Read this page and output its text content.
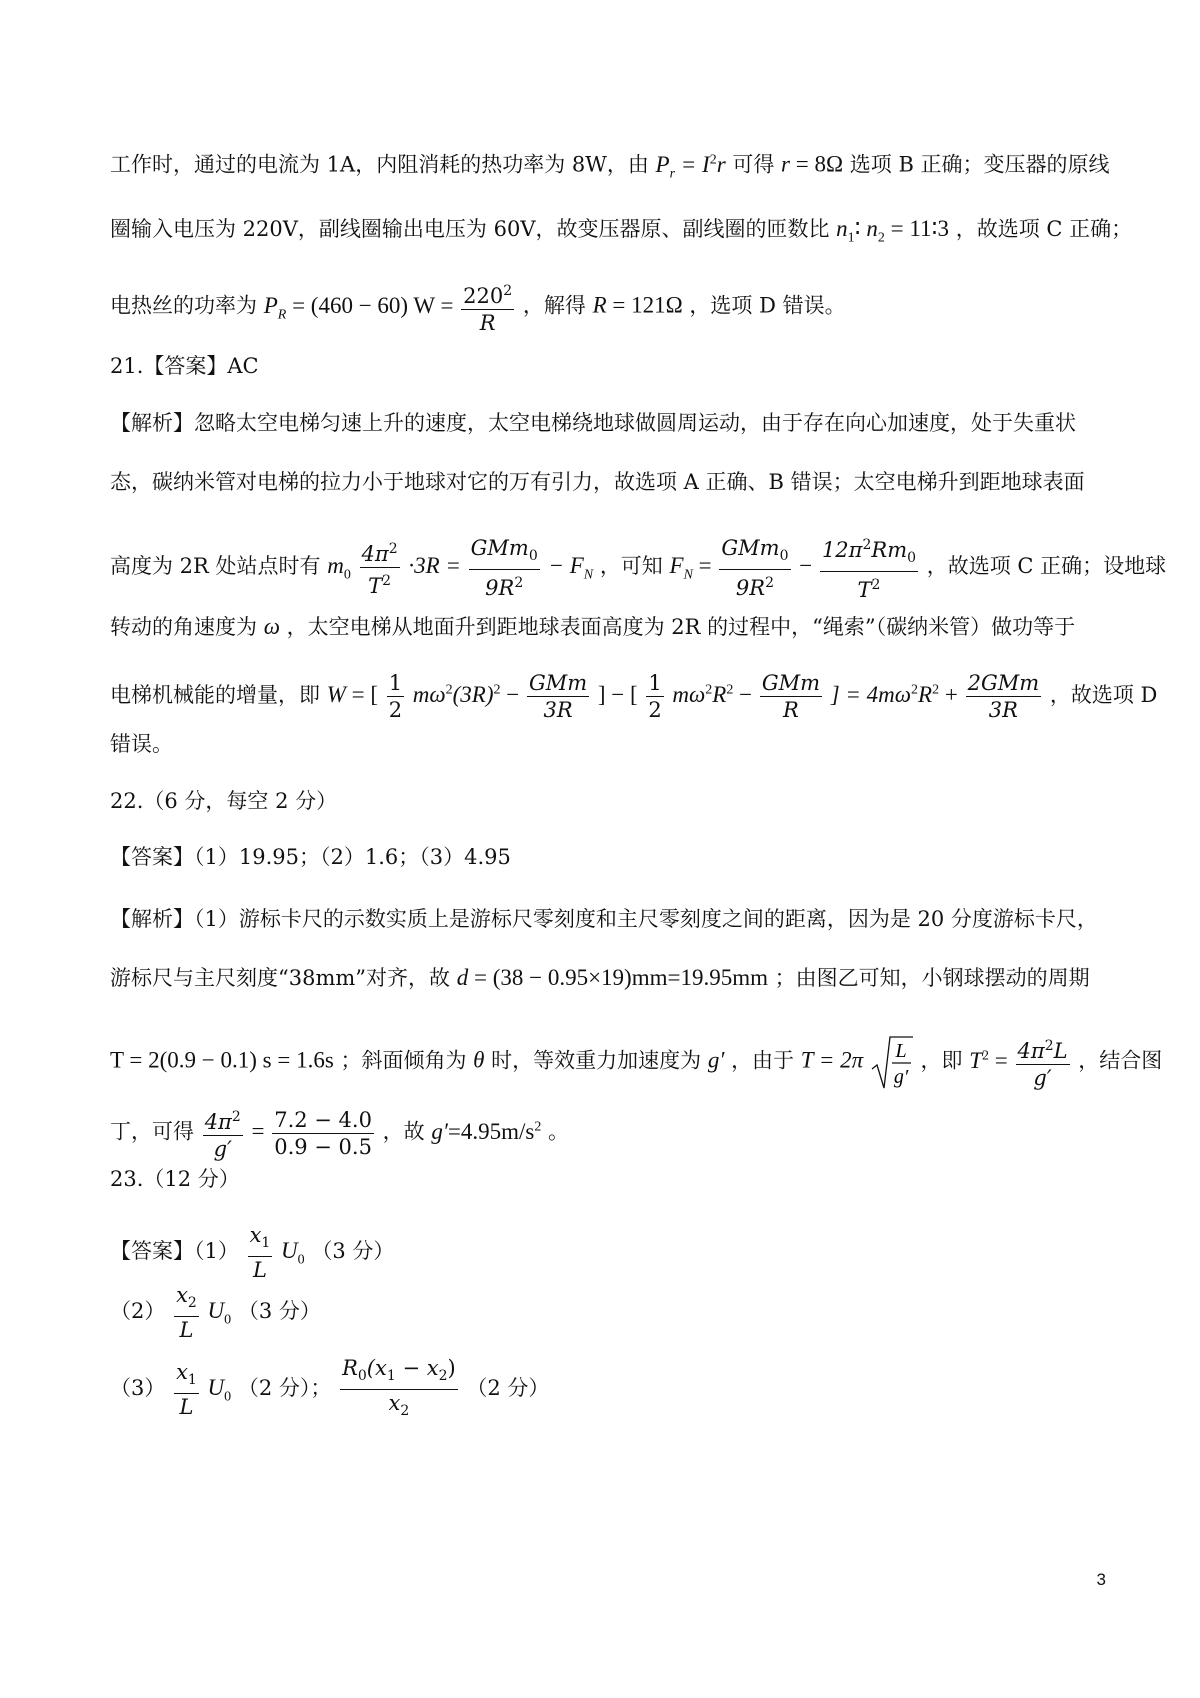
工作时，通过的电流为 1A，内阻消耗的热功率为 8W，由 $P_r = I^2r$ 可得 r = 8Ω 选项 B 正确；变压器的原线
圈输入电压为 220V，副线圈输出电压为 60V，故变压器原、副线圈的匝数比 $n_1∶$ $n_2$ = 11∶3 ，故选项 C 正确；
电热丝的功率为 $P_R = (460 - 60) W = \frac{220^2}{R}$ ，解得 R = 121Ω ，选项 D 错误。
21.【答案】AC
【解析】忽略太空电梯匀速上升的速度，太空电梯绕地球做圆周运动，由于存在向心加速度，处于失重状
态，碳纳米管对电梯的拉力小于地球对它的万有引力，故选项 A 正确、B 错误；太空电梯升到距地球表面
高度为 2R 处站点时有 $m_0 \frac{4\pi^2}{T^2} \cdot 3R$ =
GMm$_0$
$9R^2$
− $F_N$ ，可知 $F_N$ =
GMm$_0$
$9R^2$
− $\frac{12\pi^2Rm_0}{T^2}$ ，故选项 C 正确；设地球
转动的角速度为 ω ，太空电梯从地面升到距地球表面高度为 2R 的过程中，“绳索”（碳纳米管）做功等于
电梯机械能的增量，即 W = [ $\frac{1}{2} m\omega^2(3R)^2$ − GMm
3R
] − [ $\frac{1}{2} m\omega^2R^2$ − GMm
R
] = $4m\omega^2R^2 + 2GMm$
3R
，故选项 D
错误。
22.（6 分，每空 2 分）
【答案】（1）19.95；（2）1.6；（3）4.95
【解析】（1）游标卡尺的示数实质上是游标尺零刻度和主尺零刻度之间的距离，因为是 20 分度游标卡尺，
游标尺与主尺刻度“38mm”对齐，故 d = (38 − 0.95×19)mm=19.95mm ；由图乙可知，小钢球摆动的周期
T = 2(0.9 − 0.1) s = 1.6s ；斜面倾角为 θ 时，等效重力加速度为 g′ ，由于 T = 2π L
g′
，即 $T^2 = \frac{4\pi^2L}{g'}$ ，结合图
丁，可得 $\frac{4\pi^2}{g'} = \frac{7.2 - 4.0}{0.9 - 0.5}$ ，故 $g'=4.95m/s^2$ 。
23.（12 分）
【答案】$(1) \frac{x_1}{L} U_0$ （3 分）
$(2) \frac{x_2}{L} U_0$ （3 分）
$(3) \frac{x_1}{L} U_0$ （2 分）； $\frac{R_0(x_1 - x_2)}{x_2} (2$ 分）
3
